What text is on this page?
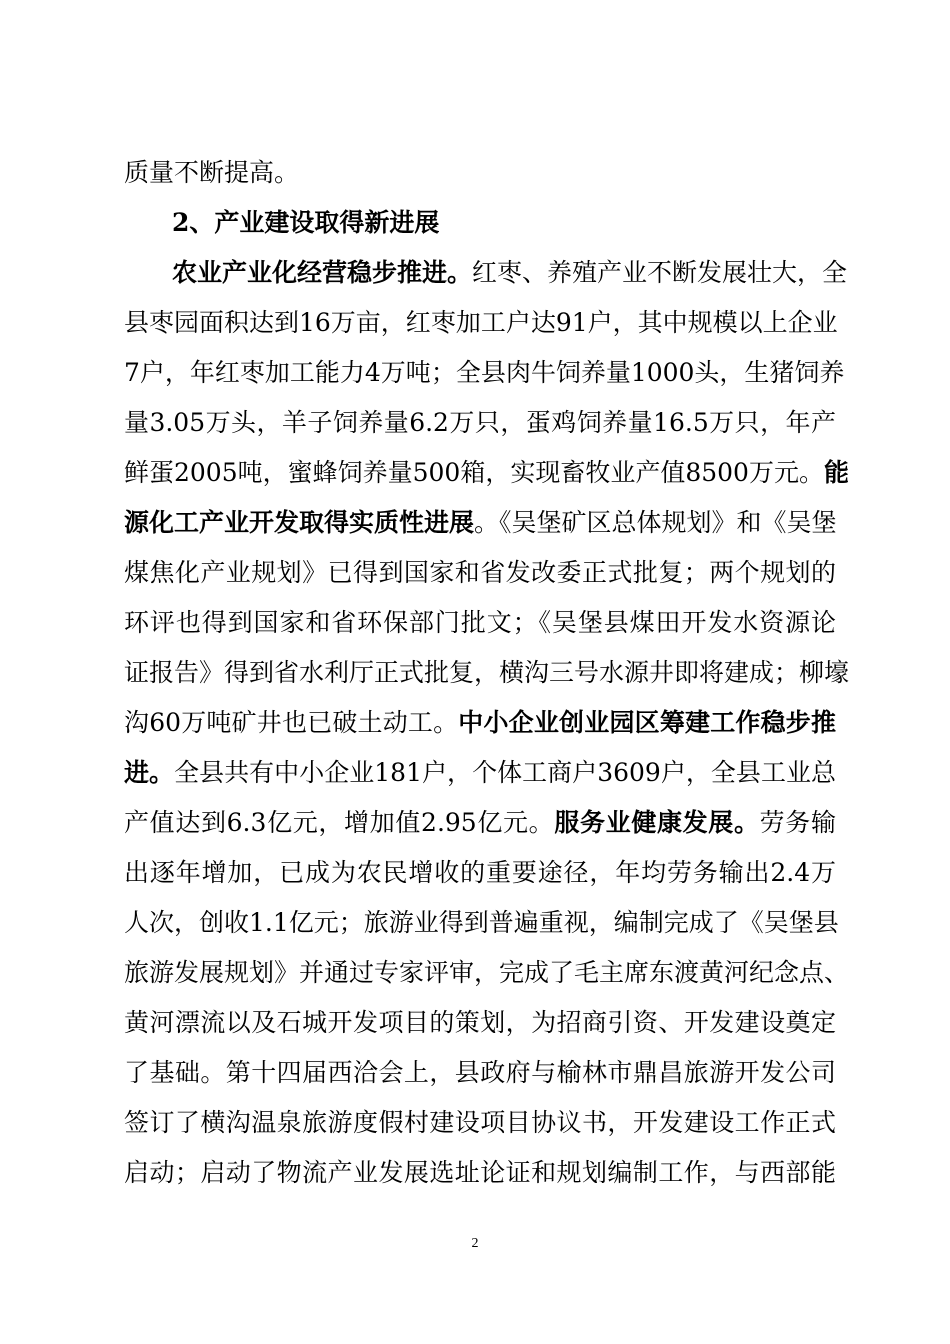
质量不断提高。
2、产业建设取得新进展
农业产业化经营稳步推进。红枣、养殖产业不断发展壮大，全
县枣园面积达到16万亩，红枣加工户达91户，其中规模以上企业
7户，年红枣加工能力4万吨；全县肉牛饲养量1000头，生猪饲养
量3.05万头，羊子饲养量6.2万只，蛋鸡饲养量16.5万只，年产
鲜蛋2005吨，蜜蜂饲养量500箱，实现畜牧业产值8500万元。能
源化工产业开发取得实质性进展。《吴堡矿区总体规划》和《吴堡
煤焦化产业规划》已得到国家和省发改委正式批复；两个规划的
环评也得到国家和省环保部门批文；《吴堡县煤田开发水资源论
证报告》得到省水利厅正式批复，横沟三号水源井即将建成；柳壕
沟60万吨矿井也已破土动工。中小企业创业园区筹建工作稳步推
进。全县共有中小企业181户，个体工商户3609户，全县工业总
产值达到6.3亿元，增加值2.95亿元。服务业健康发展。劳务输
出逐年增加，已成为农民增收的重要途径，年均劳务输出2.4万
人次，创收1.1亿元；旅游业得到普遍重视，编制完成了《吴堡县
旅游发展规划》并通过专家评审，完成了毛主席东渡黄河纪念点、
黄河漂流以及石城开发项目的策划，为招商引资、开发建设奠定
了基础。第十四届西洽会上，县政府与榆林市鼎昌旅游开发公司
签订了横沟温泉旅游度假村建设项目协议书，开发建设工作正式
启动；启动了物流产业发展选址论证和规划编制工作，与西部能
2
